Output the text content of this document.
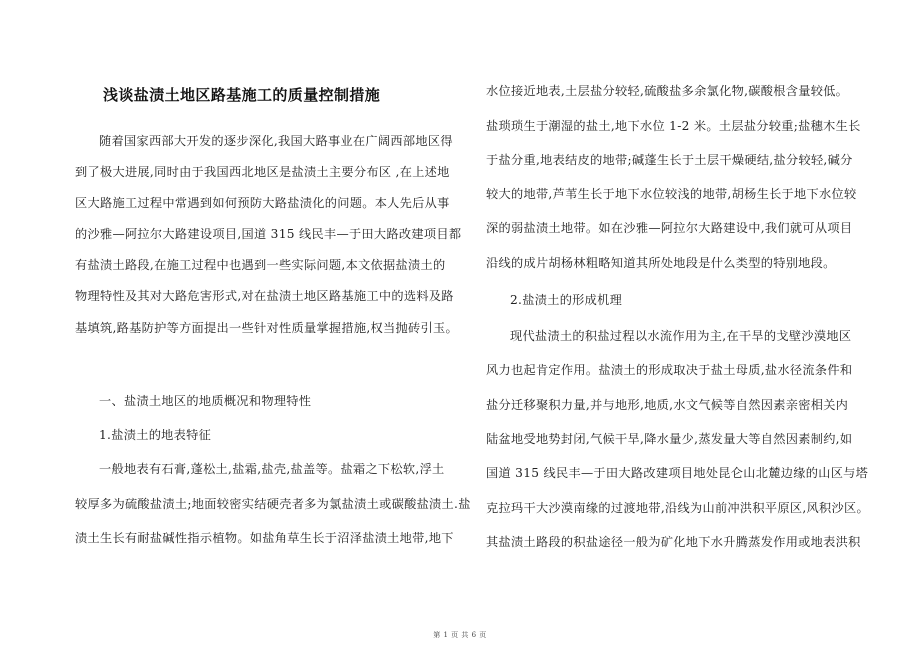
浅谈盐渍土地区路基施工的质量控制措施
随着国家西部大开发的逐步深化,我国大路事业在广阔西部地区得
到了极大进展,同时由于我国西北地区是盐渍土主要分布区 ,在上述地
区大路施工过程中常遇到如何预防大路盐渍化的问题。本人先后从事
的沙雅—阿拉尔大路建设项目,国道 315 线民丰—于田大路改建项目都
有盐渍土路段,在施工过程中也遇到一些实际问题,本文依据盐渍土的
物理特性及其对大路危害形式,对在盐渍土地区路基施工中的选料及路
基填筑,路基防护等方面提出一些针对性质量掌握措施,权当抛砖引玉。
一、盐渍土地区的地质概况和物理特性
1.盐渍土的地表特征
一般地表有石膏,蓬松土,盐霜,盐壳,盐盖等。盐霜之下松软,浮土
较厚多为硫酸盐渍土;地面较密实结硬壳者多为氯盐渍土或碳酸盐渍土.盐
渍土生长有耐盐碱性指示植物。如盐角草生长于沼泽盐渍土地带,地下
水位接近地表,土层盐分较轻,硫酸盐多余氯化物,碳酸根含量较低。
盐琐琐生于潮湿的盐土,地下水位 1-2 米。土层盐分较重;盐穗木生长
于盐分重,地表结皮的地带;碱蓬生长于土层干燥硬结,盐分较轻,碱分
较大的地带,芦苇生长于地下水位较浅的地带,胡杨生长于地下水位较
深的弱盐渍土地带。如在沙雅—阿拉尔大路建设中,我们就可从项目
沿线的成片胡杨林粗略知道其所处地段是什么类型的特别地段。
2.盐渍土的形成机理
现代盐渍土的积盐过程以水流作用为主,在干旱的戈壁沙漠地区
风力也起肯定作用。盐渍土的形成取决于盐土母质,盐水径流条件和
盐分迁移聚积力量,并与地形,地质,水文气候等自然因素亲密相关内
陆盆地受地势封闭,气候干旱,降水量少,蒸发量大等自然因素制约,如
国道 315 线民丰—于田大路改建项目地处昆仑山北麓边缘的山区与塔
克拉玛干大沙漠南缘的过渡地带,沿线为山前冲洪积平原区,风积沙区。
其盐渍土路段的积盐途径一般为矿化地下水升腾蒸发作用或地表洪积
第 1 页 共 6 页
